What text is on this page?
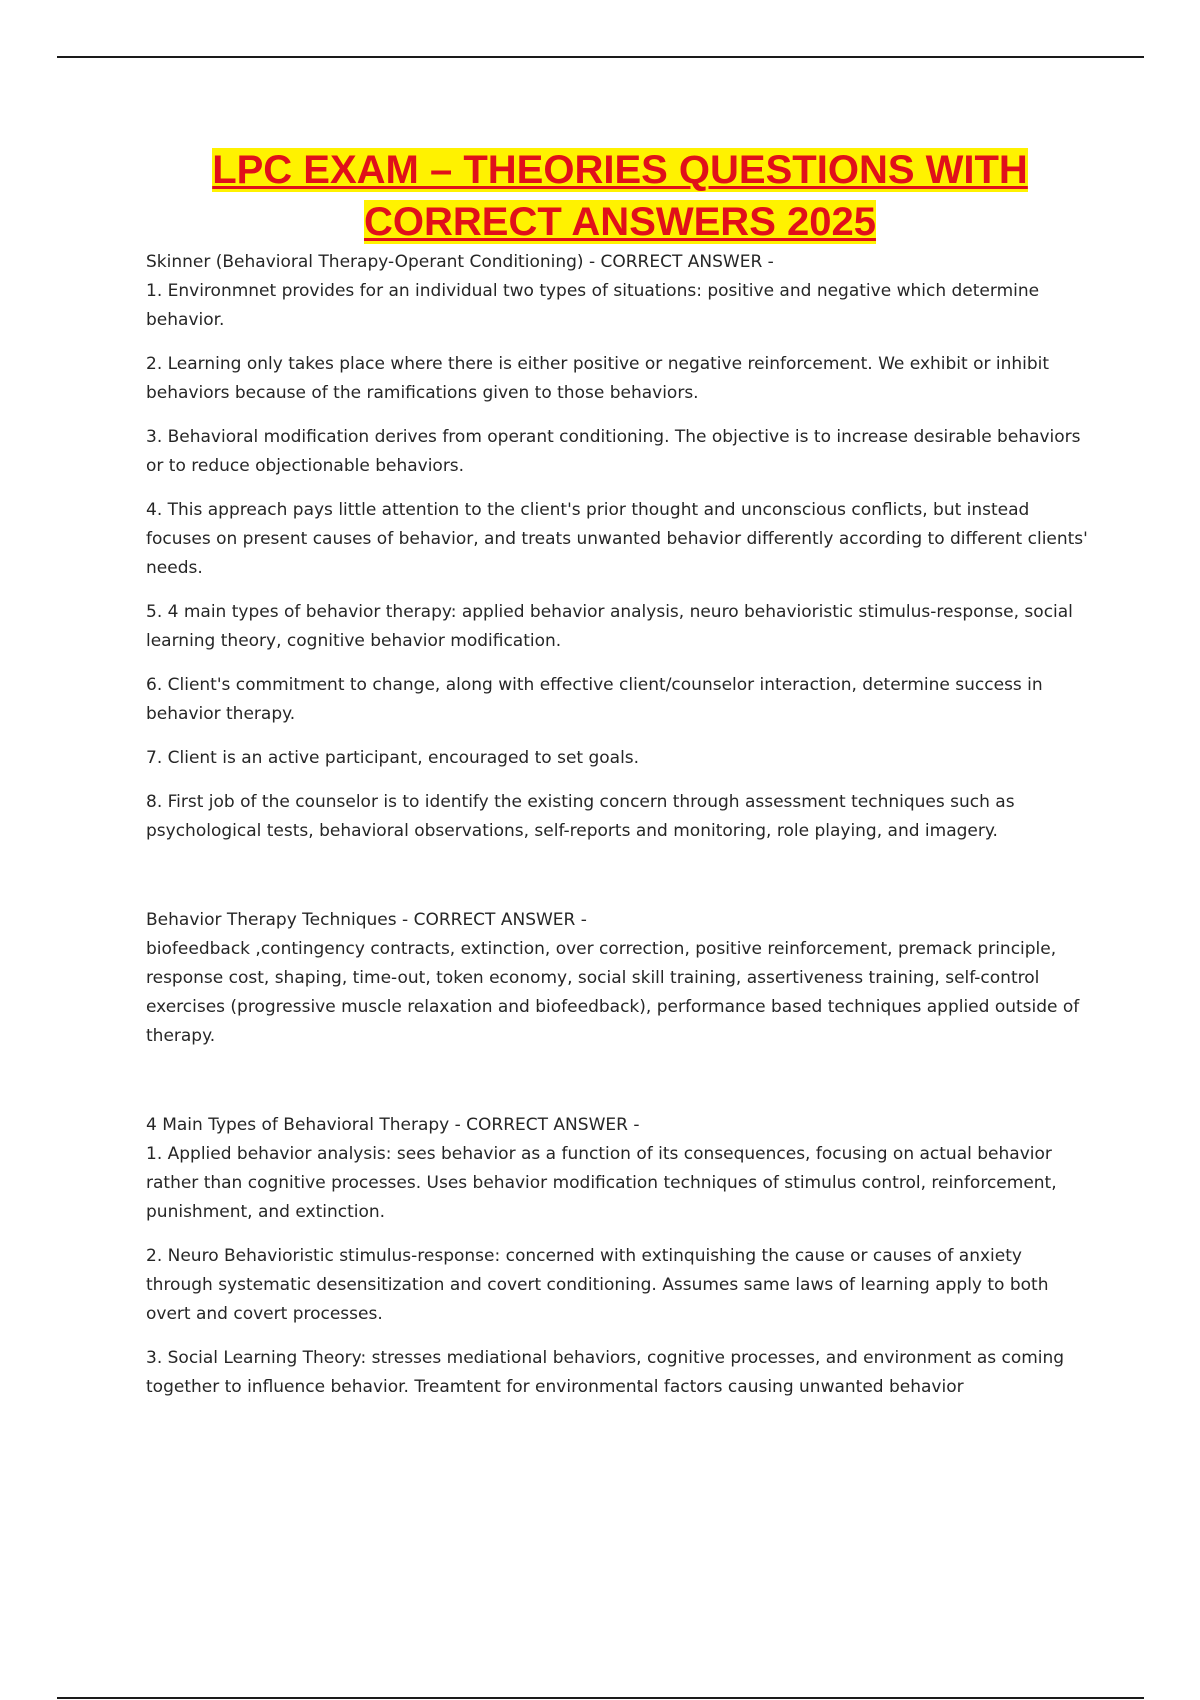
LPC EXAM – THEORIES QUESTIONS WITH
CORRECT ANSWERS 2025

Skinner (Behavioral Therapy-Operant Conditioning) - CORRECT ANSWER -

1. Environmnet provides for an individual two types of situations: positive and negative which determine behavior.

2. Learning only takes place where there is either positive or negative reinforcement. We exhibit or inhibit behaviors because of the ramifications given to those behaviors.

3. Behavioral modification derives from operant conditioning. The objective is to increase desirable behaviors or to reduce objectionable behaviors.

4. This appreach pays little attention to the client's prior thought and unconscious conflicts, but instead focuses on present causes of behavior, and treats unwanted behavior differently according to different clients' needs.

5. 4 main types of behavior therapy: applied behavior analysis, neuro behavioristic stimulus-response, social learning theory, cognitive behavior modification.

6. Client's commitment to change, along with effective client/counselor interaction, determine success in behavior therapy.

7. Client is an active participant, encouraged to set goals.

8. First job of the counselor is to identify the existing concern through assessment techniques such as psychological tests, behavioral observations, self-reports and monitoring, role playing, and imagery.

Behavior Therapy Techniques - CORRECT ANSWER -

biofeedback ,contingency contracts, extinction, over correction, positive reinforcement, premack principle, response cost, shaping, time-out, token economy, social skill training, assertiveness training, self-control exercises (progressive muscle relaxation and biofeedback), performance based techniques applied outside of therapy.

4 Main Types of Behavioral Therapy - CORRECT ANSWER -

1. Applied behavior analysis: sees behavior as a function of its consequences, focusing on actual behavior rather than cognitive processes. Uses behavior modification techniques of stimulus control, reinforcement, punishment, and extinction.

2. Neuro Behavioristic stimulus-response: concerned with extinquishing the cause or causes of anxiety through systematic desensitization and covert conditioning. Assumes same laws of learning apply to both overt and covert processes.

3. Social Learning Theory: stresses mediational behaviors, cognitive processes, and environment as coming together to influence behavior. Treamtent for environmental factors causing unwanted behavior
